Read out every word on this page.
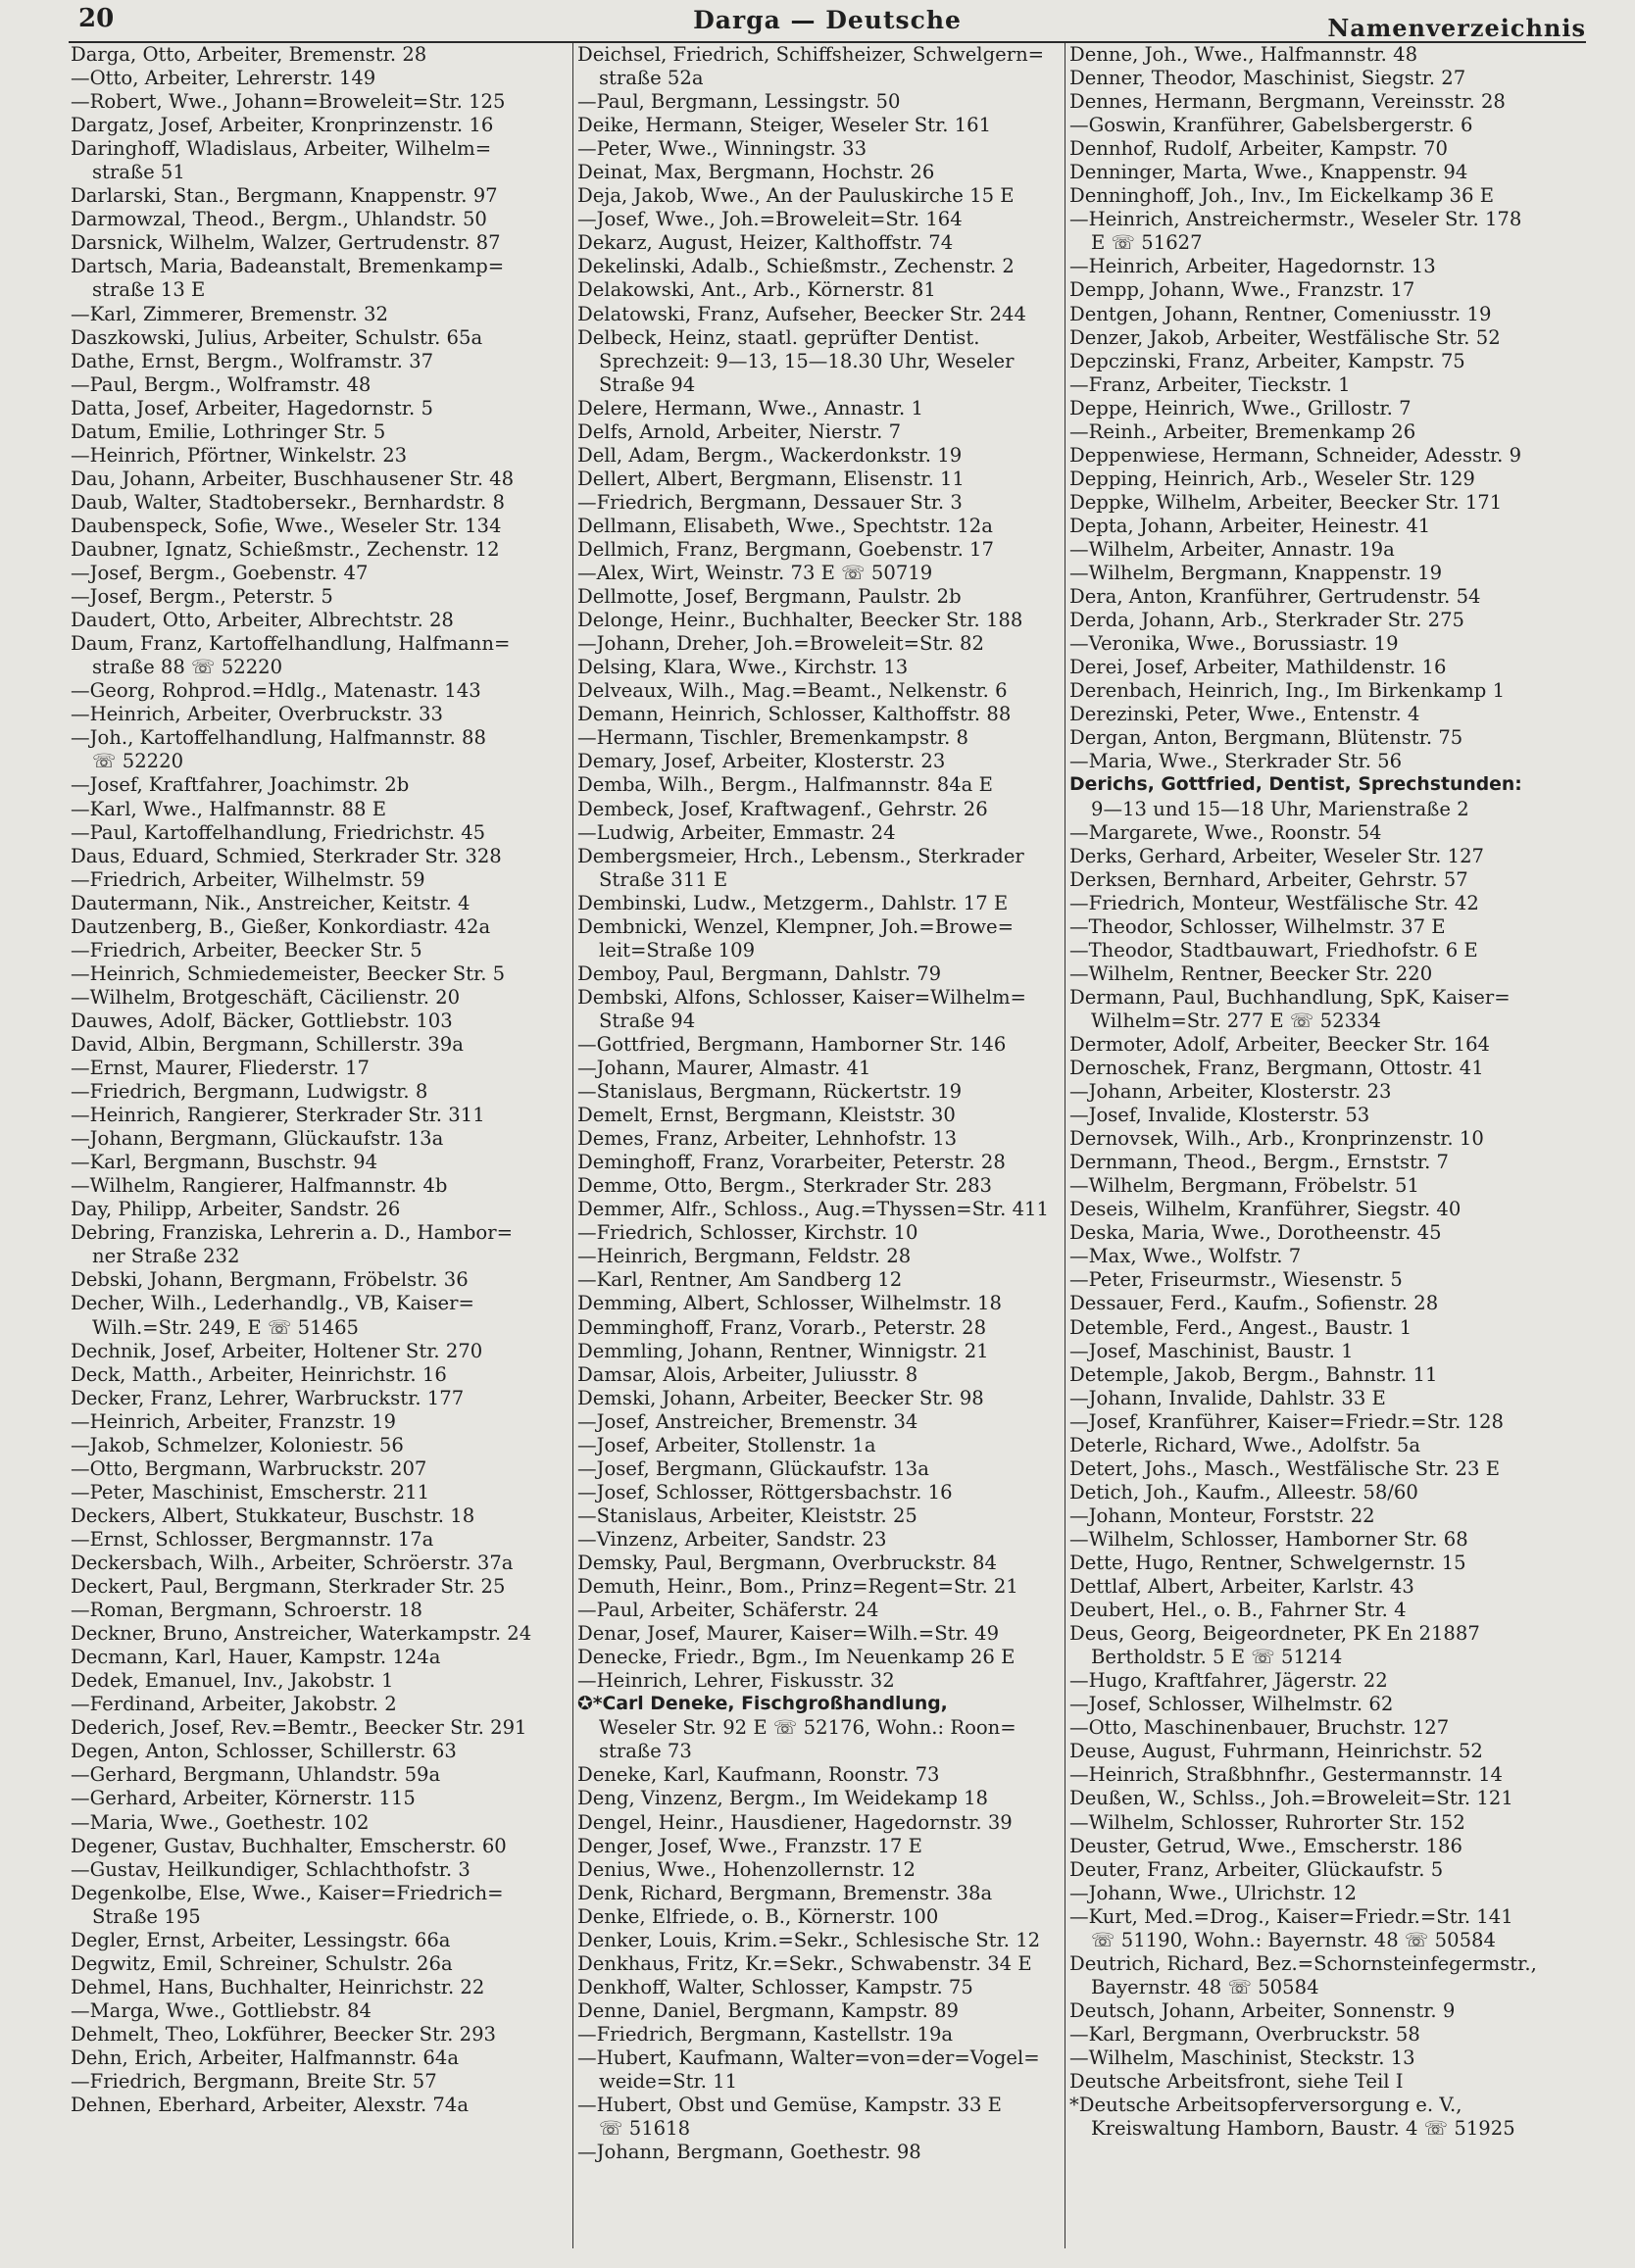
20	Darga — Deutsche	Namenverzeichnis
Darga, Otto, Arbeiter, Bremenstr. 28
—Otto, Arbeiter, Lehrerstr. 149
—Robert, Wwe., Johann=Broweleit=Str. 125
Dargatz, Josef, Arbeiter, Kronprinzenstr. 16
Daringhoff, Wladislaus, Arbeiter, Wilhelm=
straße 51
Darlarski, Stan., Bergmann, Knappenstr. 97
Darmowzal, Theod., Bergm., Uhlandstr. 50
Darsnick, Wilhelm, Walzer, Gertrudenstr. 87
Dartsch, Maria, Badeanstalt, Bremenkamp=
straße 13 E
—Karl, Zimmerer, Bremenstr. 32
Daszkowski, Julius, Arbeiter, Schulstr. 65a
Dathe, Ernst, Bergm., Wolframstr. 37
—Paul, Bergm., Wolframstr. 48
Datta, Josef, Arbeiter, Hagedornstr. 5
Datum, Emilie, Lothringer Str. 5
—Heinrich, Pförtner, Winkelstr. 23
Dau, Johann, Arbeiter, Buschhausener Str. 48
Daub, Walter, Stadtobersekr., Bernhardstr. 8
Daubenspeck, Sofie, Wwe., Weseler Str. 134
Daubner, Ignatz, Schießmstr., Zechenstr. 12
—Josef, Bergm., Goebenstr. 47
—Josef, Bergm., Peterstr. 5
Daudert, Otto, Arbeiter, Albrechtstr. 28
Daum, Franz, Kartoffelhandlung, Halfmann=
straße 88 ☏ 52220
—Georg, Rohprod.=Hdlg., Matenastr. 143
—Heinrich, Arbeiter, Overbruckstr. 33
—Joh., Kartoffelhandlung, Halfmannstr. 88
☏ 52220
—Josef, Kraftfahrer, Joachimstr. 2b
—Karl, Wwe., Halfmannstr. 88 E
—Paul, Kartoffelhandlung, Friedrichstr. 45
Daus, Eduard, Schmied, Sterkrader Str. 328
—Friedrich, Arbeiter, Wilhelmstr. 59
Dautermann, Nik., Anstreicher, Keitstr. 4
Dautzenberg, B., Gießer, Konkordiastr. 42a
—Friedrich, Arbeiter, Beecker Str. 5
—Heinrich, Schmiedemeister, Beecker Str. 5
—Wilhelm, Brotgeschäft, Cäcilienstr. 20
Dauwes, Adolf, Bäcker, Gottliebstr. 103
David, Albin, Bergmann, Schillerstr. 39a
—Ernst, Maurer, Fliederstr. 17
—Friedrich, Bergmann, Ludwigstr. 8
—Heinrich, Rangierer, Sterkrader Str. 311
—Johann, Bergmann, Glückaufstr. 13a
—Karl, Bergmann, Buschstr. 94
—Wilhelm, Rangierer, Halfmannstr. 4b
Day, Philipp, Arbeiter, Sandstr. 26
Debring, Franziska, Lehrerin a. D., Hambor=
ner Straße 232
Debski, Johann, Bergmann, Fröbelstr. 36
Decher, Wilh., Lederhandlg., VB, Kaiser=
Wilh.=Str. 249, E ☏ 51465
Dechnik, Josef, Arbeiter, Holtener Str. 270
Deck, Matth., Arbeiter, Heinrichstr. 16
Decker, Franz, Lehrer, Warbruckstr. 177
—Heinrich, Arbeiter, Franzstr. 19
—Jakob, Schmelzer, Koloniestr. 56
—Otto, Bergmann, Warbruckstr. 207
—Peter, Maschinist, Emscherstr. 211
Deckers, Albert, Stukkateur, Buschstr. 18
—Ernst, Schlosser, Bergmannstr. 17a
Deckersbach, Wilh., Arbeiter, Schröerstr. 37a
Deckert, Paul, Bergmann, Sterkrader Str. 25
—Roman, Bergmann, Schroerstr. 18
Deckner, Bruno, Anstreicher, Waterkampstr. 24
Decmann, Karl, Hauer, Kampstr. 124a
Dedek, Emanuel, Inv., Jakobstr. 1
—Ferdinand, Arbeiter, Jakobstr. 2
Dederich, Josef, Rev.=Bemtr., Beecker Str. 291
Degen, Anton, Schlosser, Schillerstr. 63
—Gerhard, Bergmann, Uhlandstr. 59a
—Gerhard, Arbeiter, Körnerstr. 115
—Maria, Wwe., Goethestr. 102
Degener, Gustav, Buchhalter, Emscherstr. 60
—Gustav, Heilkundiger, Schlachthofstr. 3
Degenkolbe, Else, Wwe., Kaiser=Friedrich=
Straße 195
Degler, Ernst, Arbeiter, Lessingstr. 66a
Degwitz, Emil, Schreiner, Schulstr. 26a
Dehmel, Hans, Buchhalter, Heinrichstr. 22
—Marga, Wwe., Gottliebstr. 84
Dehmelt, Theo, Lokführer, Beecker Str. 293
Dehn, Erich, Arbeiter, Halfmannstr. 64a
—Friedrich, Bergmann, Breite Str. 57
Dehnen, Eberhard, Arbeiter, Alexstr. 74a
Deichsel, Friedrich, Schiffsheizer, Schwelgern=
straße 52a
—Paul, Bergmann, Lessingstr. 50
Deike, Hermann, Steiger, Weseler Str. 161
—Peter, Wwe., Winningstr. 33
Deinat, Max, Bergmann, Hochstr. 26
Deja, Jakob, Wwe., An der Pauluskirche 15 E
—Josef, Wwe., Joh.=Broweleit=Str. 164
Dekarz, August, Heizer, Kalthoffstr. 74
Dekelinski, Adalb., Schießmstr., Zechenstr. 2
Delakowski, Ant., Arb., Körnerstr. 81
Delatowski, Franz, Aufseher, Beecker Str. 244
Delbeck, Heinz, staatl. geprüfter Dentist.
Sprechzeit: 9—13, 15—18.30 Uhr, Weseler
Straße 94
Delere, Hermann, Wwe., Annastr. 1
Delfs, Arnold, Arbeiter, Nierstr. 7
Dell, Adam, Bergm., Wackerdonkstr. 19
Dellert, Albert, Bergmann, Elisenstr. 11
—Friedrich, Bergmann, Dessauer Str. 3
Dellmann, Elisabeth, Wwe., Spechtstr. 12a
Dellmich, Franz, Bergmann, Goebenstr. 17
—Alex, Wirt, Weinstr. 73 E ☏ 50719
Dellmotte, Josef, Bergmann, Paulstr. 2b
Delonge, Heinr., Buchhalter, Beecker Str. 188
—Johann, Dreher, Joh.=Broweleit=Str. 82
Delsing, Klara, Wwe., Kirchstr. 13
Delveaux, Wilh., Mag.=Beamt., Nelkenstr. 6
Demann, Heinrich, Schlosser, Kalthoffstr. 88
—Hermann, Tischler, Bremenkampstr. 8
Demary, Josef, Arbeiter, Klosterstr. 23
Demba, Wilh., Bergm., Halfmannstr. 84a E
Dembeck, Josef, Kraftwagenf., Gehrstr. 26
—Ludwig, Arbeiter, Emmastr. 24
Dembergsmeier, Hrch., Lebensm., Sterkrader
Straße 311 E
Dembinski, Ludw., Metzgerm., Dahlstr. 17 E
Dembnicki, Wenzel, Klempner, Joh.=Browe=
leit=Straße 109
Demboy, Paul, Bergmann, Dahlstr. 79
Dembski, Alfons, Schlosser, Kaiser=Wilhelm=
Straße 94
—Gottfried, Bergmann, Hamborner Str. 146
—Johann, Maurer, Almastr. 41
—Stanislaus, Bergmann, Rückertstr. 19
Demelt, Ernst, Bergmann, Kleiststr. 30
Demes, Franz, Arbeiter, Lehnhofstr. 13
Deminghoff, Franz, Vorarbeiter, Peterstr. 28
Demme, Otto, Bergm., Sterkrader Str. 283
Demmer, Alfr., Schloss., Aug.=Thyssen=Str. 411
—Friedrich, Schlosser, Kirchstr. 10
—Heinrich, Bergmann, Feldstr. 28
—Karl, Rentner, Am Sandberg 12
Demming, Albert, Schlosser, Wilhelmstr. 18
Demminghoff, Franz, Vorarb., Peterstr. 28
Demmling, Johann, Rentner, Winnigstr. 21
Damsar, Alois, Arbeiter, Juliusstr. 8
Demski, Johann, Arbeiter, Beecker Str. 98
—Josef, Anstreicher, Bremenstr. 34
—Josef, Arbeiter, Stollenstr. 1a
—Josef, Bergmann, Glückaufstr. 13a
—Josef, Schlosser, Röttgersbachstr. 16
—Stanislaus, Arbeiter, Kleiststr. 25
—Vinzenz, Arbeiter, Sandstr. 23
Demsky, Paul, Bergmann, Overbruckstr. 84
Demuth, Heinr., Bom., Prinz=Regent=Str. 21
—Paul, Arbeiter, Schäferstr. 24
Denar, Josef, Maurer, Kaiser=Wilh.=Str. 49
Denecke, Friedr., Bgm., Im Neuenkamp 26 E
—Heinrich, Lehrer, Fiskusstr. 32
✪*Carl Deneke, Fischgroßhandlung,
Weseler Str. 92 E ☏ 52176, Wohn.: Roon=
straße 73
Deneke, Karl, Kaufmann, Roonstr. 73
Deng, Vinzenz, Bergm., Im Weidekamp 18
Dengel, Heinr., Hausdiener, Hagedornstr. 39
Denger, Josef, Wwe., Franzstr. 17 E
Denius, Wwe., Hohenzollernstr. 12
Denk, Richard, Bergmann, Bremenstr. 38a
Denke, Elfriede, o. B., Körnerstr. 100
Denker, Louis, Krim.=Sekr., Schlesische Str. 12
Denkhaus, Fritz, Kr.=Sekr., Schwabenstr. 34 E
Denkhoff, Walter, Schlosser, Kampstr. 75
Denne, Daniel, Bergmann, Kampstr. 89
—Friedrich, Bergmann, Kastellstr. 19a
—Hubert, Kaufmann, Walter=von=der=Vogel=
weide=Str. 11
—Hubert, Obst und Gemüse, Kampstr. 33 E
☏ 51618
—Johann, Bergmann, Goethestr. 98
Denne, Joh., Wwe., Halfmannstr. 48
Denner, Theodor, Maschinist, Siegstr. 27
Dennes, Hermann, Bergmann, Vereinsstr. 28
—Goswin, Kranführer, Gabelsbergerstr. 6
Dennhof, Rudolf, Arbeiter, Kampstr. 70
Denninger, Marta, Wwe., Knappenstr. 94
Denninghoff, Joh., Inv., Im Eickelkamp 36 E
—Heinrich, Anstreichermstr., Weseler Str. 178
E ☏ 51627
—Heinrich, Arbeiter, Hagedornstr. 13
Dempp, Johann, Wwe., Franzstr. 17
Dentgen, Johann, Rentner, Comeniusstr. 19
Denzer, Jakob, Arbeiter, Westfälische Str. 52
Depczinski, Franz, Arbeiter, Kampstr. 75
—Franz, Arbeiter, Tieckstr. 1
Deppe, Heinrich, Wwe., Grillostr. 7
—Reinh., Arbeiter, Bremenkamp 26
Deppenwiese, Hermann, Schneider, Adesstr. 9
Depping, Heinrich, Arb., Weseler Str. 129
Deppke, Wilhelm, Arbeiter, Beecker Str. 171
Depta, Johann, Arbeiter, Heinestr. 41
—Wilhelm, Arbeiter, Annastr. 19a
—Wilhelm, Bergmann, Knappenstr. 19
Dera, Anton, Kranführer, Gertrudenstr. 54
Derda, Johann, Arb., Sterkrader Str. 275
—Veronika, Wwe., Borussiastr. 19
Derei, Josef, Arbeiter, Mathildenstr. 16
Derenbach, Heinrich, Ing., Im Birkenkamp 1
Derezinski, Peter, Wwe., Entenstr. 4
Dergan, Anton, Bergmann, Blütenstr. 75
—Maria, Wwe., Sterkrader Str. 56
Derichs, Gottfried, Dentist, Sprechstunden:
9—13 und 15—18 Uhr, Marienstraße 2
—Margarete, Wwe., Roonstr. 54
Derks, Gerhard, Arbeiter, Weseler Str. 127
Derksen, Bernhard, Arbeiter, Gehrstr. 57
—Friedrich, Monteur, Westfälische Str. 42
—Theodor, Schlosser, Wilhelmstr. 37 E
—Theodor, Stadtbauwart, Friedhofstr. 6 E
—Wilhelm, Rentner, Beecker Str. 220
Dermann, Paul, Buchhandlung, SpK, Kaiser=
Wilhelm=Str. 277 E ☏ 52334
Dermoter, Adolf, Arbeiter, Beecker Str. 164
Dernoschek, Franz, Bergmann, Ottostr. 41
—Johann, Arbeiter, Klosterstr. 23
—Josef, Invalide, Klosterstr. 53
Dernovsek, Wilh., Arb., Kronprinzenstr. 10
Dernmann, Theod., Bergm., Ernststr. 7
—Wilhelm, Bergmann, Fröbelstr. 51
Deseis, Wilhelm, Kranführer, Siegstr. 40
Deska, Maria, Wwe., Dorotheenstr. 45
—Max, Wwe., Wolfstr. 7
—Peter, Friseurmstr., Wiesenstr. 5
Dessauer, Ferd., Kaufm., Sofienstr. 28
Detemble, Ferd., Angest., Baustr. 1
—Josef, Maschinist, Baustr. 1
Detemple, Jakob, Bergm., Bahnstr. 11
—Johann, Invalide, Dahlstr. 33 E
—Josef, Kranführer, Kaiser=Friedr.=Str. 128
Deterle, Richard, Wwe., Adolfstr. 5a
Detert, Johs., Masch., Westfälische Str. 23 E
Detich, Joh., Kaufm., Alleestr. 58/60
—Johann, Monteur, Forststr. 22
—Wilhelm, Schlosser, Hamborner Str. 68
Dette, Hugo, Rentner, Schwelgernstr. 15
Dettlaf, Albert, Arbeiter, Karlstr. 43
Deubert, Hel., o. B., Fahrner Str. 4
Deus, Georg, Beigeordneter, PK En 21887
Bertholdstr. 5 E ☏ 51214
—Hugo, Kraftfahrer, Jägerstr. 22
—Josef, Schlosser, Wilhelmstr. 62
—Otto, Maschinenbauer, Bruchstr. 127
Deuse, August, Fuhrmann, Heinrichstr. 52
—Heinrich, Straßbhnfhr., Gestermannstr. 14
Deußen, W., Schlss., Joh.=Broweleit=Str. 121
—Wilhelm, Schlosser, Ruhrorter Str. 152
Deuster, Getrud, Wwe., Emscherstr. 186
Deuter, Franz, Arbeiter, Glückaufstr. 5
—Johann, Wwe., Ulrichstr. 12
—Kurt, Med.=Drog., Kaiser=Friedr.=Str. 141
☏ 51190, Wohn.: Bayernstr. 48 ☏ 50584
Deutrich, Richard, Bez.=Schornsteinfegermstr.,
Bayernstr. 48 ☏ 50584
Deutsch, Johann, Arbeiter, Sonnenstr. 9
—Karl, Bergmann, Overbruckstr. 58
—Wilhelm, Maschinist, Steckstr. 13
Deutsche Arbeitsfront, siehe Teil I
*Deutsche Arbeitsopferversorgung e. V.,
Kreiswaltung Hamborn, Baustr. 4 ☏ 51925
